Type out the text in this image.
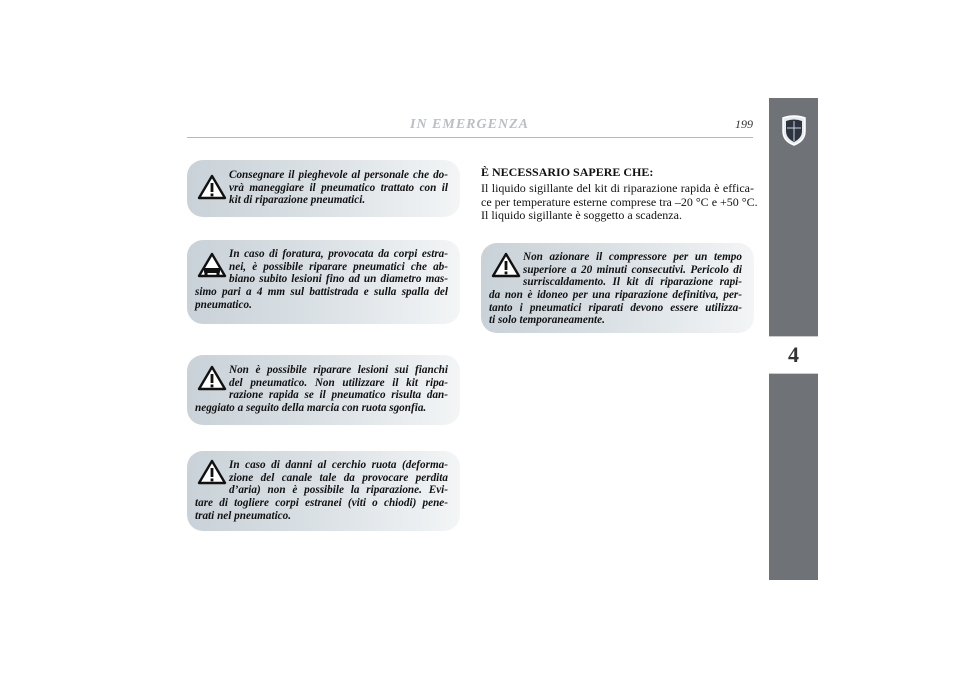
IN EMERGENZA	199
4
Consegnare il pieghevole al personale che do-
vrà maneggiare il pneumatico trattato con il
kit di riparazione pneumatici.
In caso di foratura, provocata da corpi estra-
nei, è possibile riparare pneumatici che ab-
biano subito lesioni fino ad un diametro mas-
simo pari a 4 mm sul battistrada e sulla spalla del
pneumatico.
Non è possibile riparare lesioni sui fianchi
del pneumatico. Non utilizzare il kit ripa-
razione rapida se il pneumatico risulta dan-
neggiato a seguito della marcia con ruota sgonfia.
In caso di danni al cerchio ruota (deforma-
zione del canale tale da provocare perdita
d’aria) non è possibile la riparazione. Evi-
tare di togliere corpi estranei (viti o chiodi) pene-
trati nel pneumatico.
È NECESSARIO SAPERE CHE:
Il liquido sigillante del kit di riparazione rapida è effica-
ce per temperature esterne comprese tra –20 °C e +50 °C.
Il liquido sigillante è soggetto a scadenza.
Non azionare il compressore per un tempo
superiore a 20 minuti consecutivi. Pericolo di
surriscaldamento. Il kit di riparazione rapi-
da non è idoneo per una riparazione definitiva, per-
tanto i pneumatici riparati devono essere utilizza-
ti solo temporaneamente.
